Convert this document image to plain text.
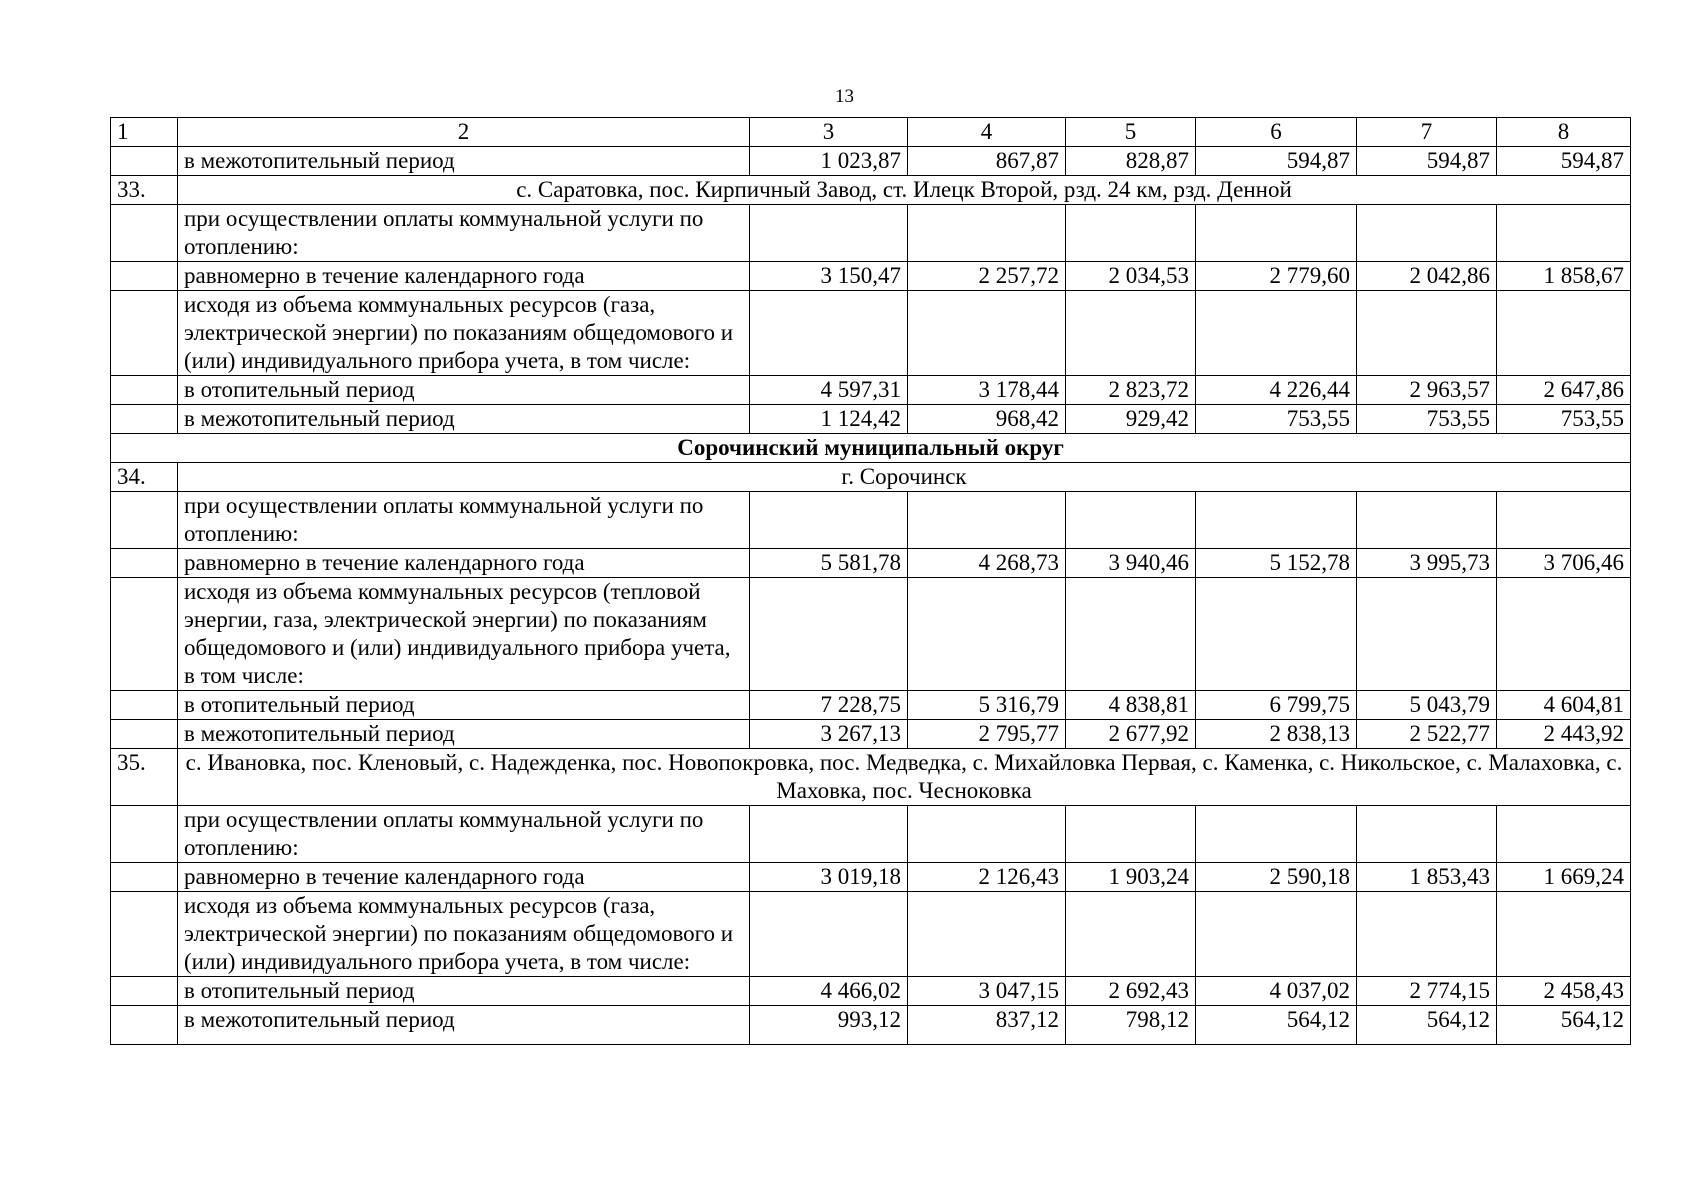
13
1	2	3	4	5	6	7	8
	в межотопительный период	1 023,87	867,87	828,87	594,87	594,87	594,87
33.	с. Саратовка, пос. Кирпичный Завод, ст. Илецк Второй, рзд. 24 км, рзд. Денной						
	при осуществлении оплаты коммунальной услуги по отоплению:						
	равномерно в течение календарного года	3 150,47	2 257,72	2 034,53	2 779,60	2 042,86	1 858,67
	исходя из объема коммунальных ресурсов (газа, электрической энергии) по показаниям общедомового и (или) индивидуального прибора учета, в том числе:						
	в отопительный период	4 597,31	3 178,44	2 823,72	4 226,44	2 963,57	2 647,86
	в межотопительный период	1 124,42	968,42	929,42	753,55	753,55	753,55
Сорочинский муниципальный округ							
34.	г. Сорочинск						
	при осуществлении оплаты коммунальной услуги по отоплению:						
	равномерно в течение календарного года	5 581,78	4 268,73	3 940,46	5 152,78	3 995,73	3 706,46
	исходя из объема коммунальных ресурсов (тепловой энергии, газа, электрической энергии) по показаниям общедомового и (или) индивидуального прибора учета, в том числе:						
	в отопительный период	7 228,75	5 316,79	4 838,81	6 799,75	5 043,79	4 604,81
	в межотопительный период	3 267,13	2 795,77	2 677,92	2 838,13	2 522,77	2 443,92
35.	с. Ивановка, пос. Кленовый, с. Надежденка, пос. Новопокровка, пос. Медведка, с. Михайловка Первая, с. Каменка, с. Никольское, с. Малаховка, с. Маховка, пос. Чесноковка						
	при осуществлении оплаты коммунальной услуги по отоплению:						
	равномерно в течение календарного года	3 019,18	2 126,43	1 903,24	2 590,18	1 853,43	1 669,24
	исходя из объема коммунальных ресурсов (газа, электрической энергии) по показаниям общедомового и (или) индивидуального прибора учета, в том числе:						
	в отопительный период	4 466,02	3 047,15	2 692,43	4 037,02	2 774,15	2 458,43
	в межотопительный период	993,12	837,12	798,12	564,12	564,12	564,12
